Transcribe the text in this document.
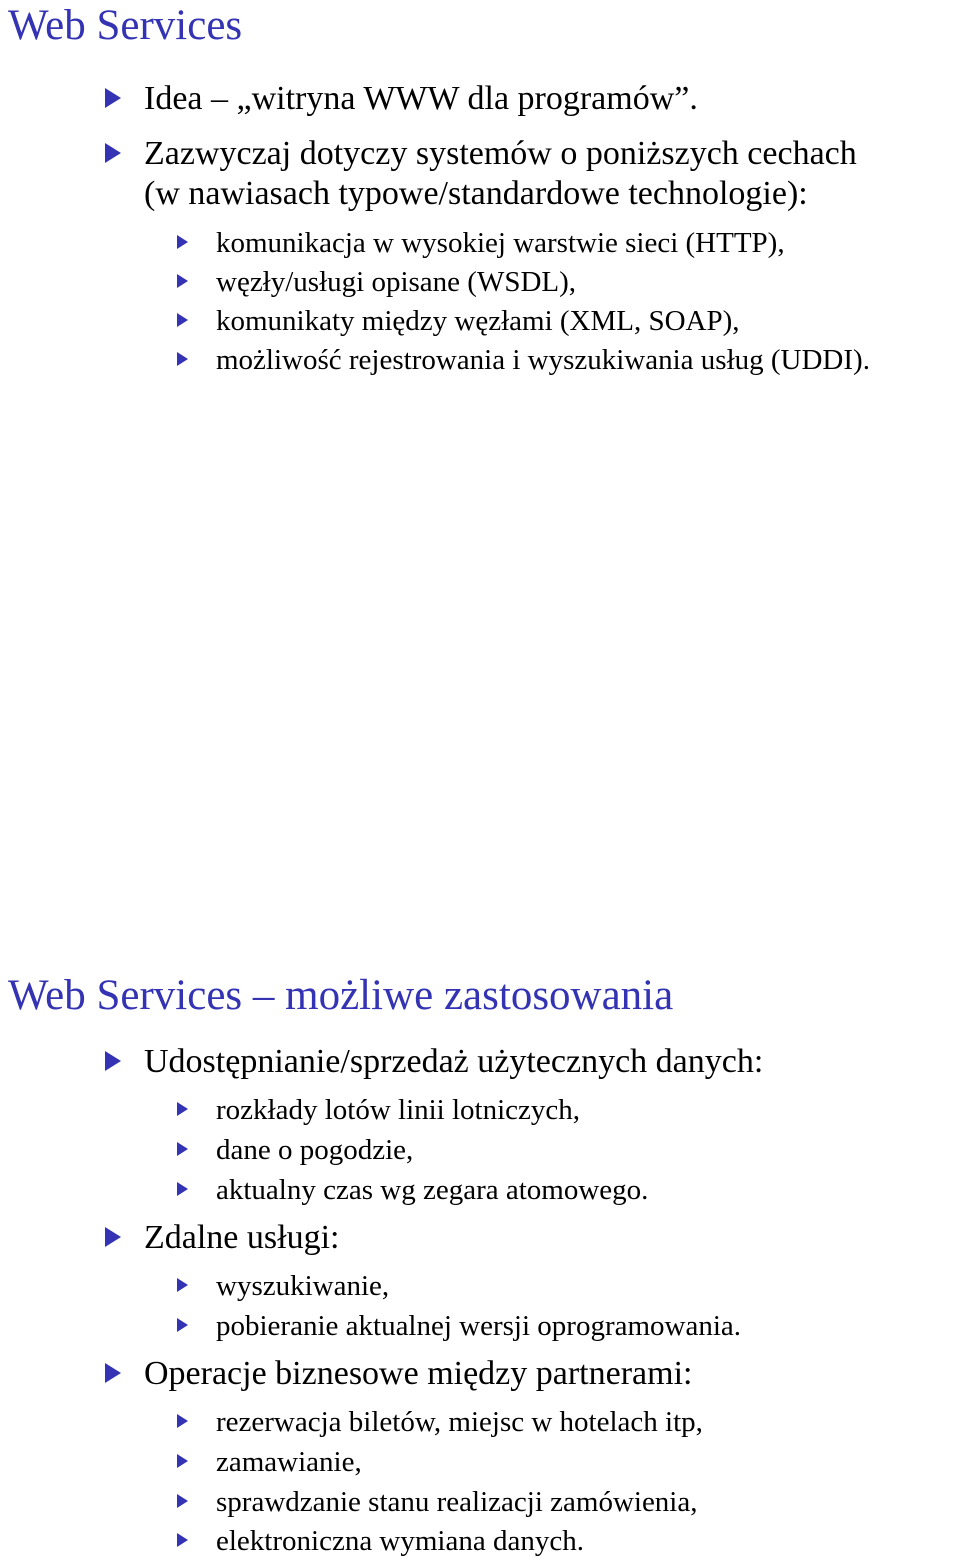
Web Services
Idea – „witryna WWW dla programów”.
Zazwyczaj dotyczy systemów o poniższych cechach
(w nawiasach typowe/standardowe technologie):
komunikacja w wysokiej warstwie sieci (HTTP),
węzły/usługi opisane (WSDL),
komunikaty między węzłami (XML, SOAP),
możliwość rejestrowania i wyszukiwania usług (UDDI).
Web Services – możliwe zastosowania
Udostępnianie/sprzedaż użytecznych danych:
rozkłady lotów linii lotniczych,
dane o pogodzie,
aktualny czas wg zegara atomowego.
Zdalne usługi:
wyszukiwanie,
pobieranie aktualnej wersji oprogramowania.
Operacje biznesowe między partnerami:
rezerwacja biletów, miejsc w hotelach itp,
zamawianie,
sprawdzanie stanu realizacji zamówienia,
elektroniczna wymiana danych.
